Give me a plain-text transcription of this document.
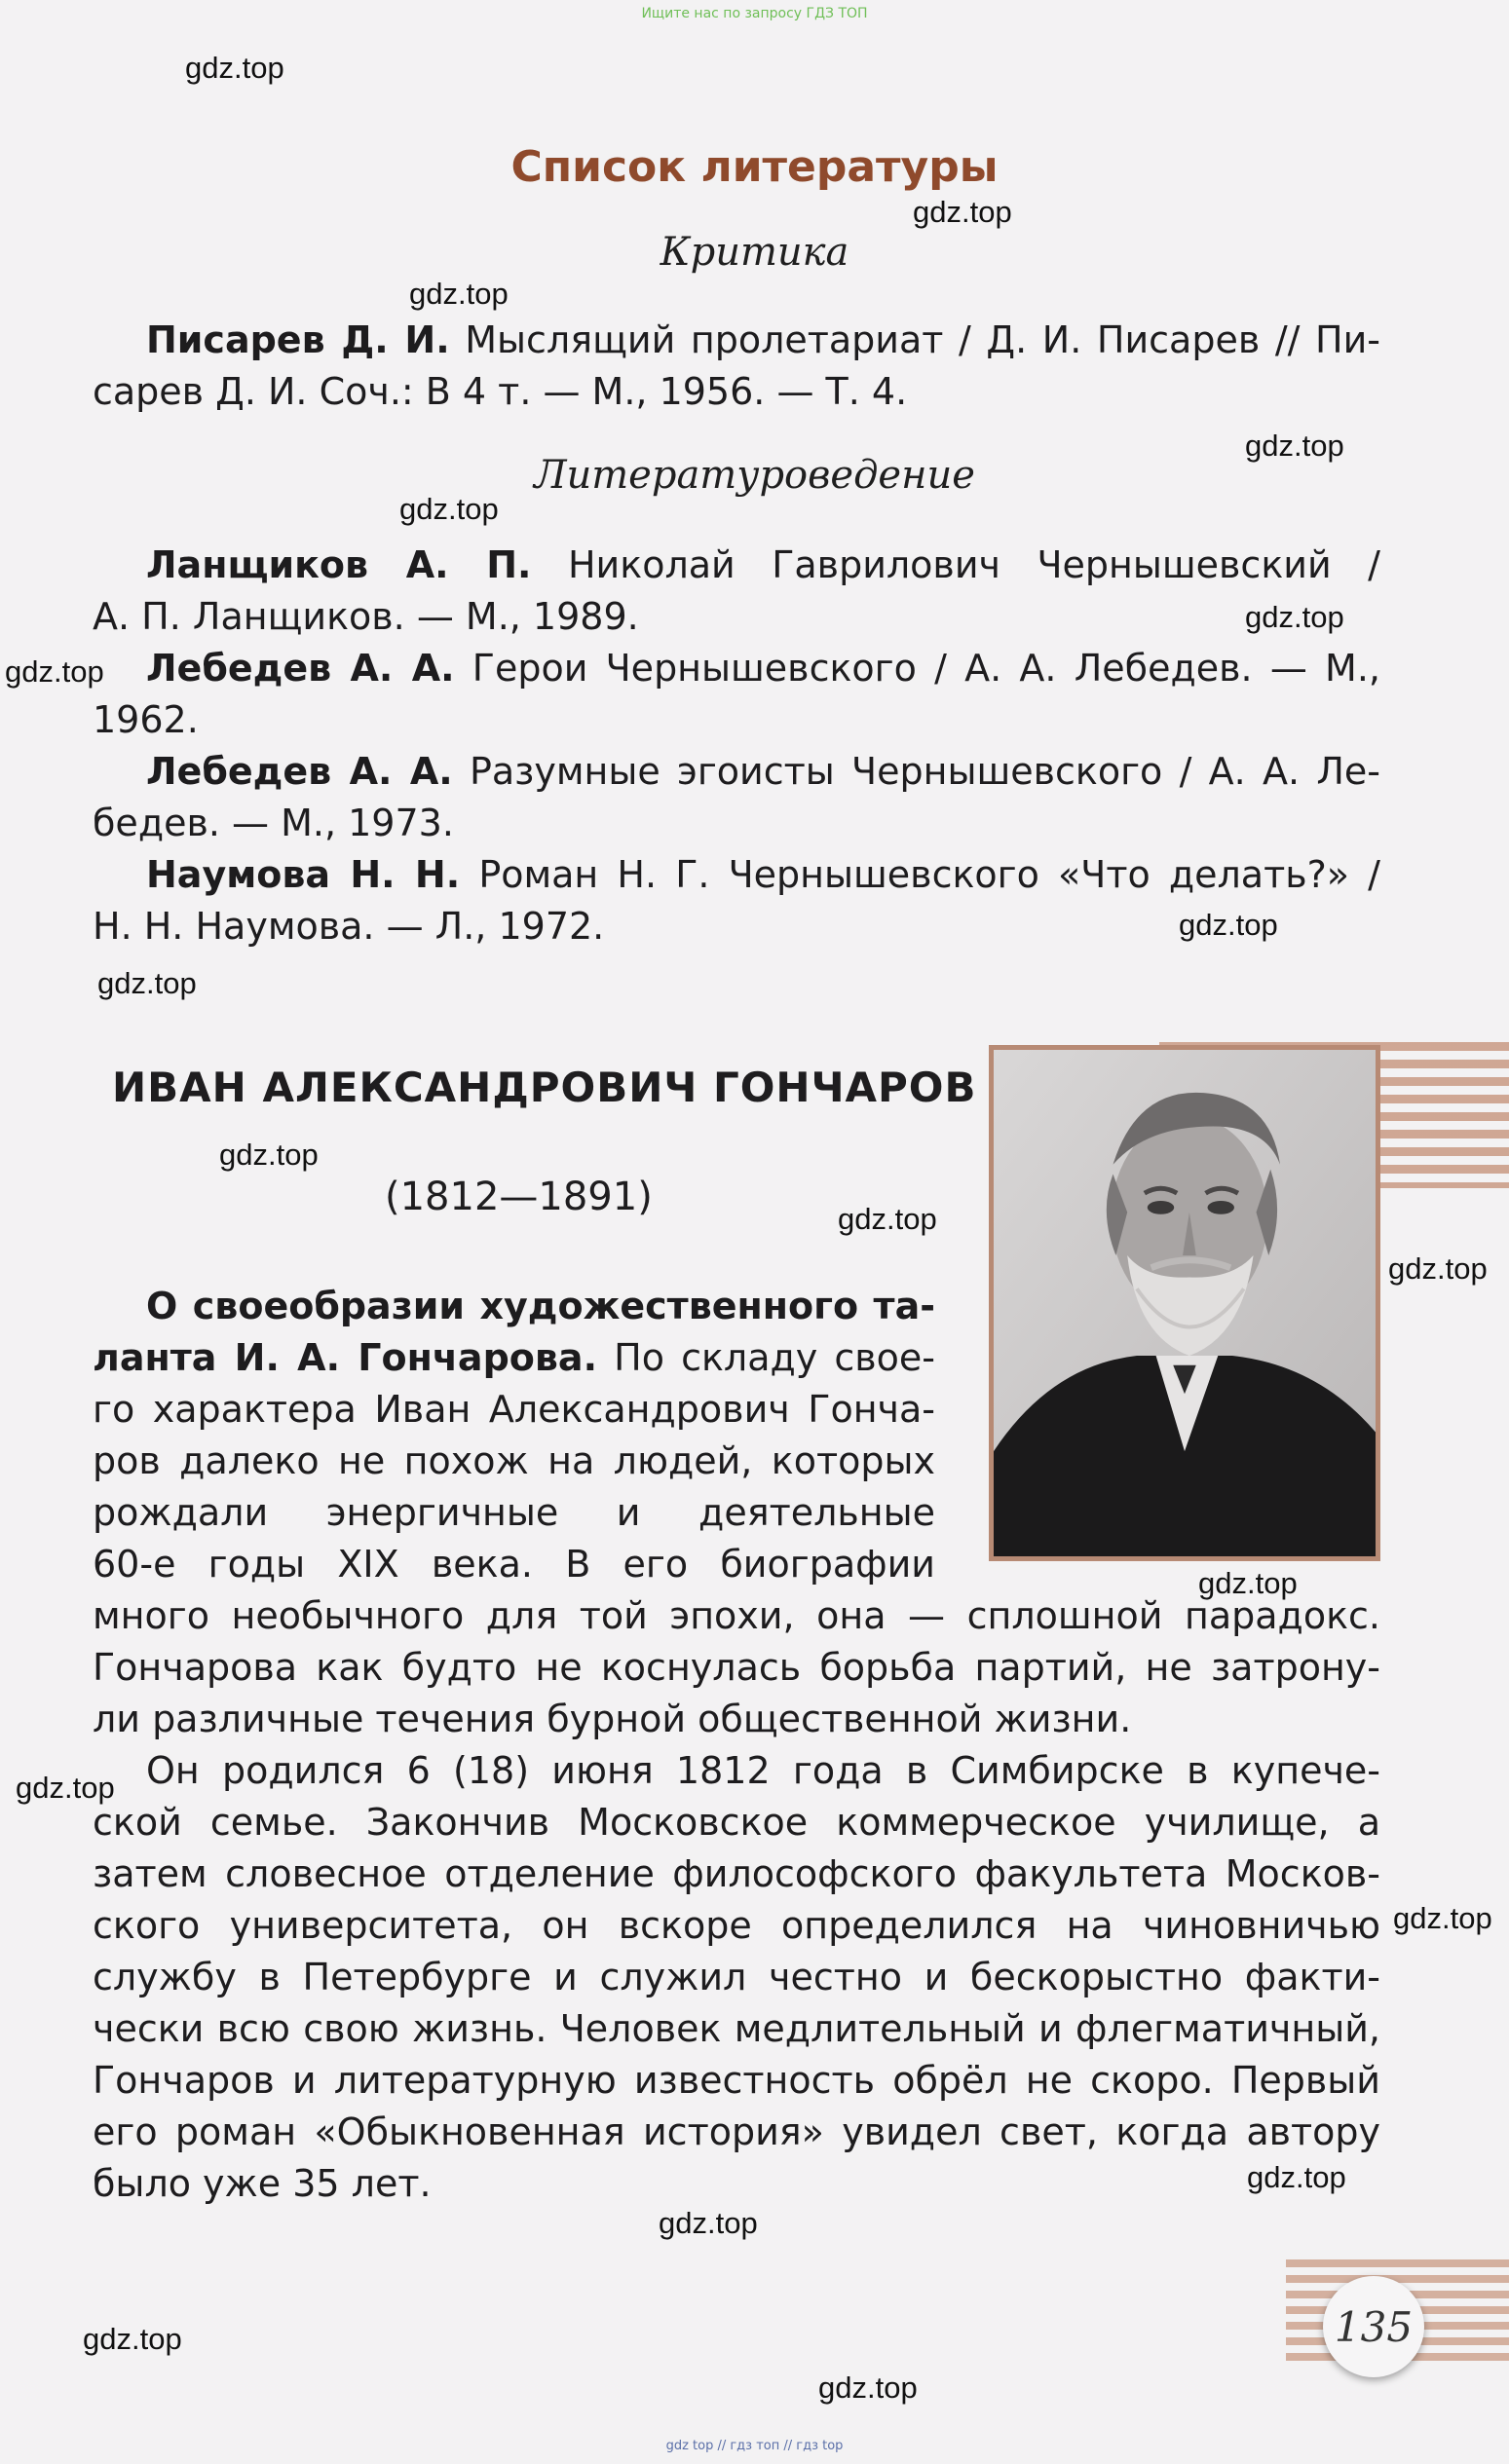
Ищите нас по запросу ГДЗ ТОП
Список литературы
Критика
Писарев Д. И. Мыслящий пролетариат / Д. И. Писарев // Пи-
сарев Д. И. Соч.: В 4 т. — М., 1956. — Т. 4.
Литературоведение
Ланщиков А. П. Николай Гаврилович Чернышевский /
А. П. Ланщиков. — М., 1989.
Лебедев А. А. Герои Чернышевского / А. А. Лебедев. — М.,
1962.
Лебедев А. А. Разумные эгоисты Чернышевского / А. А. Ле-
бедев. — М., 1973.
Наумова Н. Н. Роман Н. Г. Чернышевского «Что делать?» /
Н. Н. Наумова. — Л., 1972.
ИВАН АЛЕКСАНДРОВИЧ ГОНЧАРОВ
(1812—1891)
О своеобразии художественного та-
ланта И. А. Гончарова. По складу свое-
го характера Иван Александрович Гонча-
ров далеко не похож на людей, которых
рождали энергичные и деятельные
60-е годы XIX века. В его биографии
много необычного для той эпохи, она — сплошной парадокс.
Гончарова как будто не коснулась борьба партий, не затрону-
ли различные течения бурной общественной жизни.
Он родился 6 (18) июня 1812 года в Симбирске в купече-
ской семье. Закончив Московское коммерческое училище, а
затем словесное отделение философского факультета Москов-
ского университета, он вскоре определился на чиновничью
службу в Петербурге и служил честно и бескорыстно факти-
чески всю свою жизнь. Человек медлительный и флегматичный,
Гончаров и литературную известность обрёл не скоро. Первый
его роман «Обыкновенная история» увидел свет, когда автору
было уже 35 лет.
135
gdz.top
gdz.top
gdz.top
gdz.top
gdz.top
gdz.top
gdz.top
gdz.top
gdz.top
gdz.top
gdz.top
gdz.top
gdz.top
gdz.top
gdz.top
gdz.top
gdz.top
gdz.top
gdz.top
gdz top // гдз топ // гдз top
